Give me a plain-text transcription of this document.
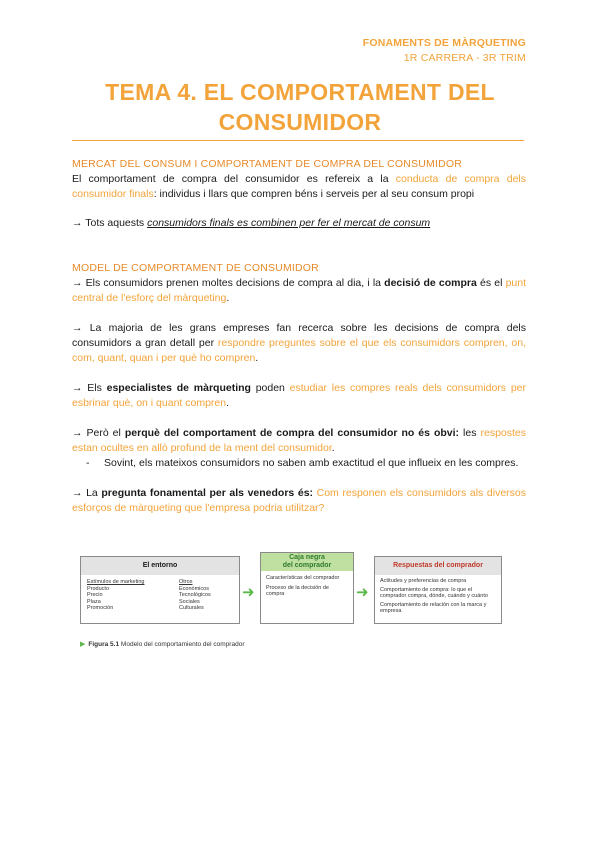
FONAMENTS DE MÀRQUETING
1R CARRERA - 3R TRIM
TEMA 4. EL COMPORTAMENT DEL
CONSUMIDOR
MERCAT DEL CONSUM I COMPORTAMENT DE COMPRA DEL CONSUMIDOR

El comportament de compra del consumidor es refereix a la conducta de compra dels consumidor finals: individus i llars que compren béns i serveis per al seu consum propi

→ Tots aquests consumidors finals es combinen per fer el mercat de consum

MODEL DE COMPORTAMENT DE CONSUMIDOR

→ Els consumidors prenen moltes decisions de compra al dia, i la decisió de compra és el punt central de l'esforç del màrqueting.

→ La majoria de les grans empreses fan recerca sobre les decisions de compra dels consumidors a gran detall per respondre preguntes sobre el que els consumidors compren, on, com, quant, quan i per què ho compren.

→ Els especialistes de màrqueting poden estudiar les compres reals dels consumidors per esbrinar què, on i quant compren.

→ Però el perquè del comportament de compra del consumidor no és obvi: les respostes estan ocultes en allò profund de la ment del consumidor.

-	Sovint, els mateixos consumidors no saben amb exactitud el que influeix en les compres.

→ La pregunta fonamental per als venedors és: Com responen els consumidors als diversos esforços de màrqueting que l'empresa podria utilitzar?

El entorno
Estímulos de marketing
Producto
Precio
Plaza
Promoción
Otros
Económicos
Tecnológicos
Sociales
Culturales
➜
Caja negra
del comprador
Características del comprador
Proceso de la decisión de compra	➜
Respuestas del comprador
Actitudes y preferencias de compra
Comportamiento de compra: lo que el comprador compra, dónde, cuándo y cuánto
Comportamiento de relación con la marca y empresa
▶ Figura 5.1 Modelo del comportamiento del comprador
